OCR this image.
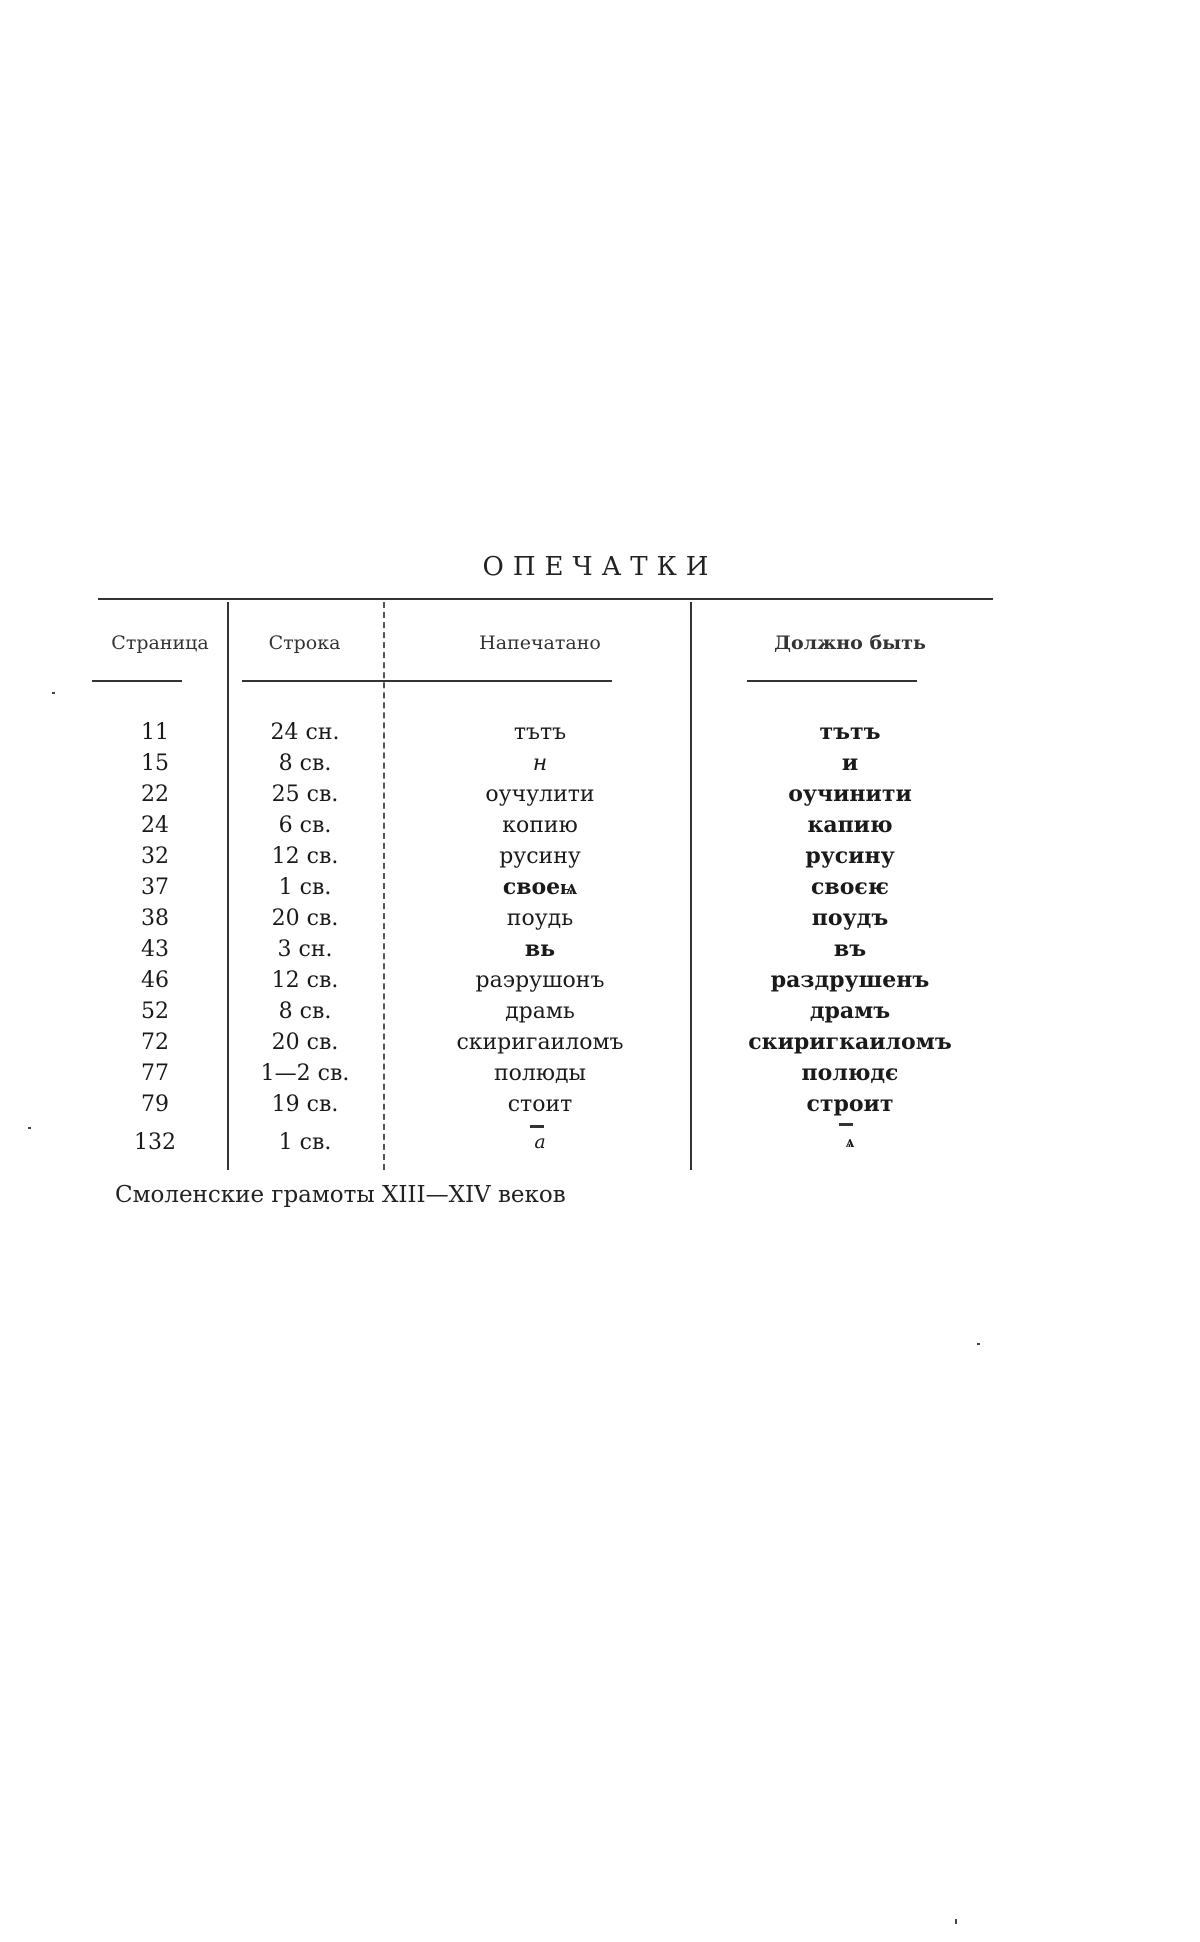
ОПЕЧАТКИ
Страница	Строка	Напечатано	Должно быть
11	24 сн.	тътъ	тътъ
15	8 св.	н	и
22	25 св.	оучулити	оучинити
24	6 св.	копию	капию
32	12 св.	русину	русину
37	1 св.	своеѩ	своєѥ
38	20 св.	поудь	поудъ
43	3 сн.	вь	въ
46	12 св.	раэрушонъ	раздрушенъ
52	8 св.	драмь	драмъ
72	20 св.	скиригаиломъ	скиригкаиломъ
77	1—2 св.	полюды	полюдє
79	19 св.	стоит	строит
132	1 св.	а	ѧ
Смоленские грамоты XIII—XIV веков
